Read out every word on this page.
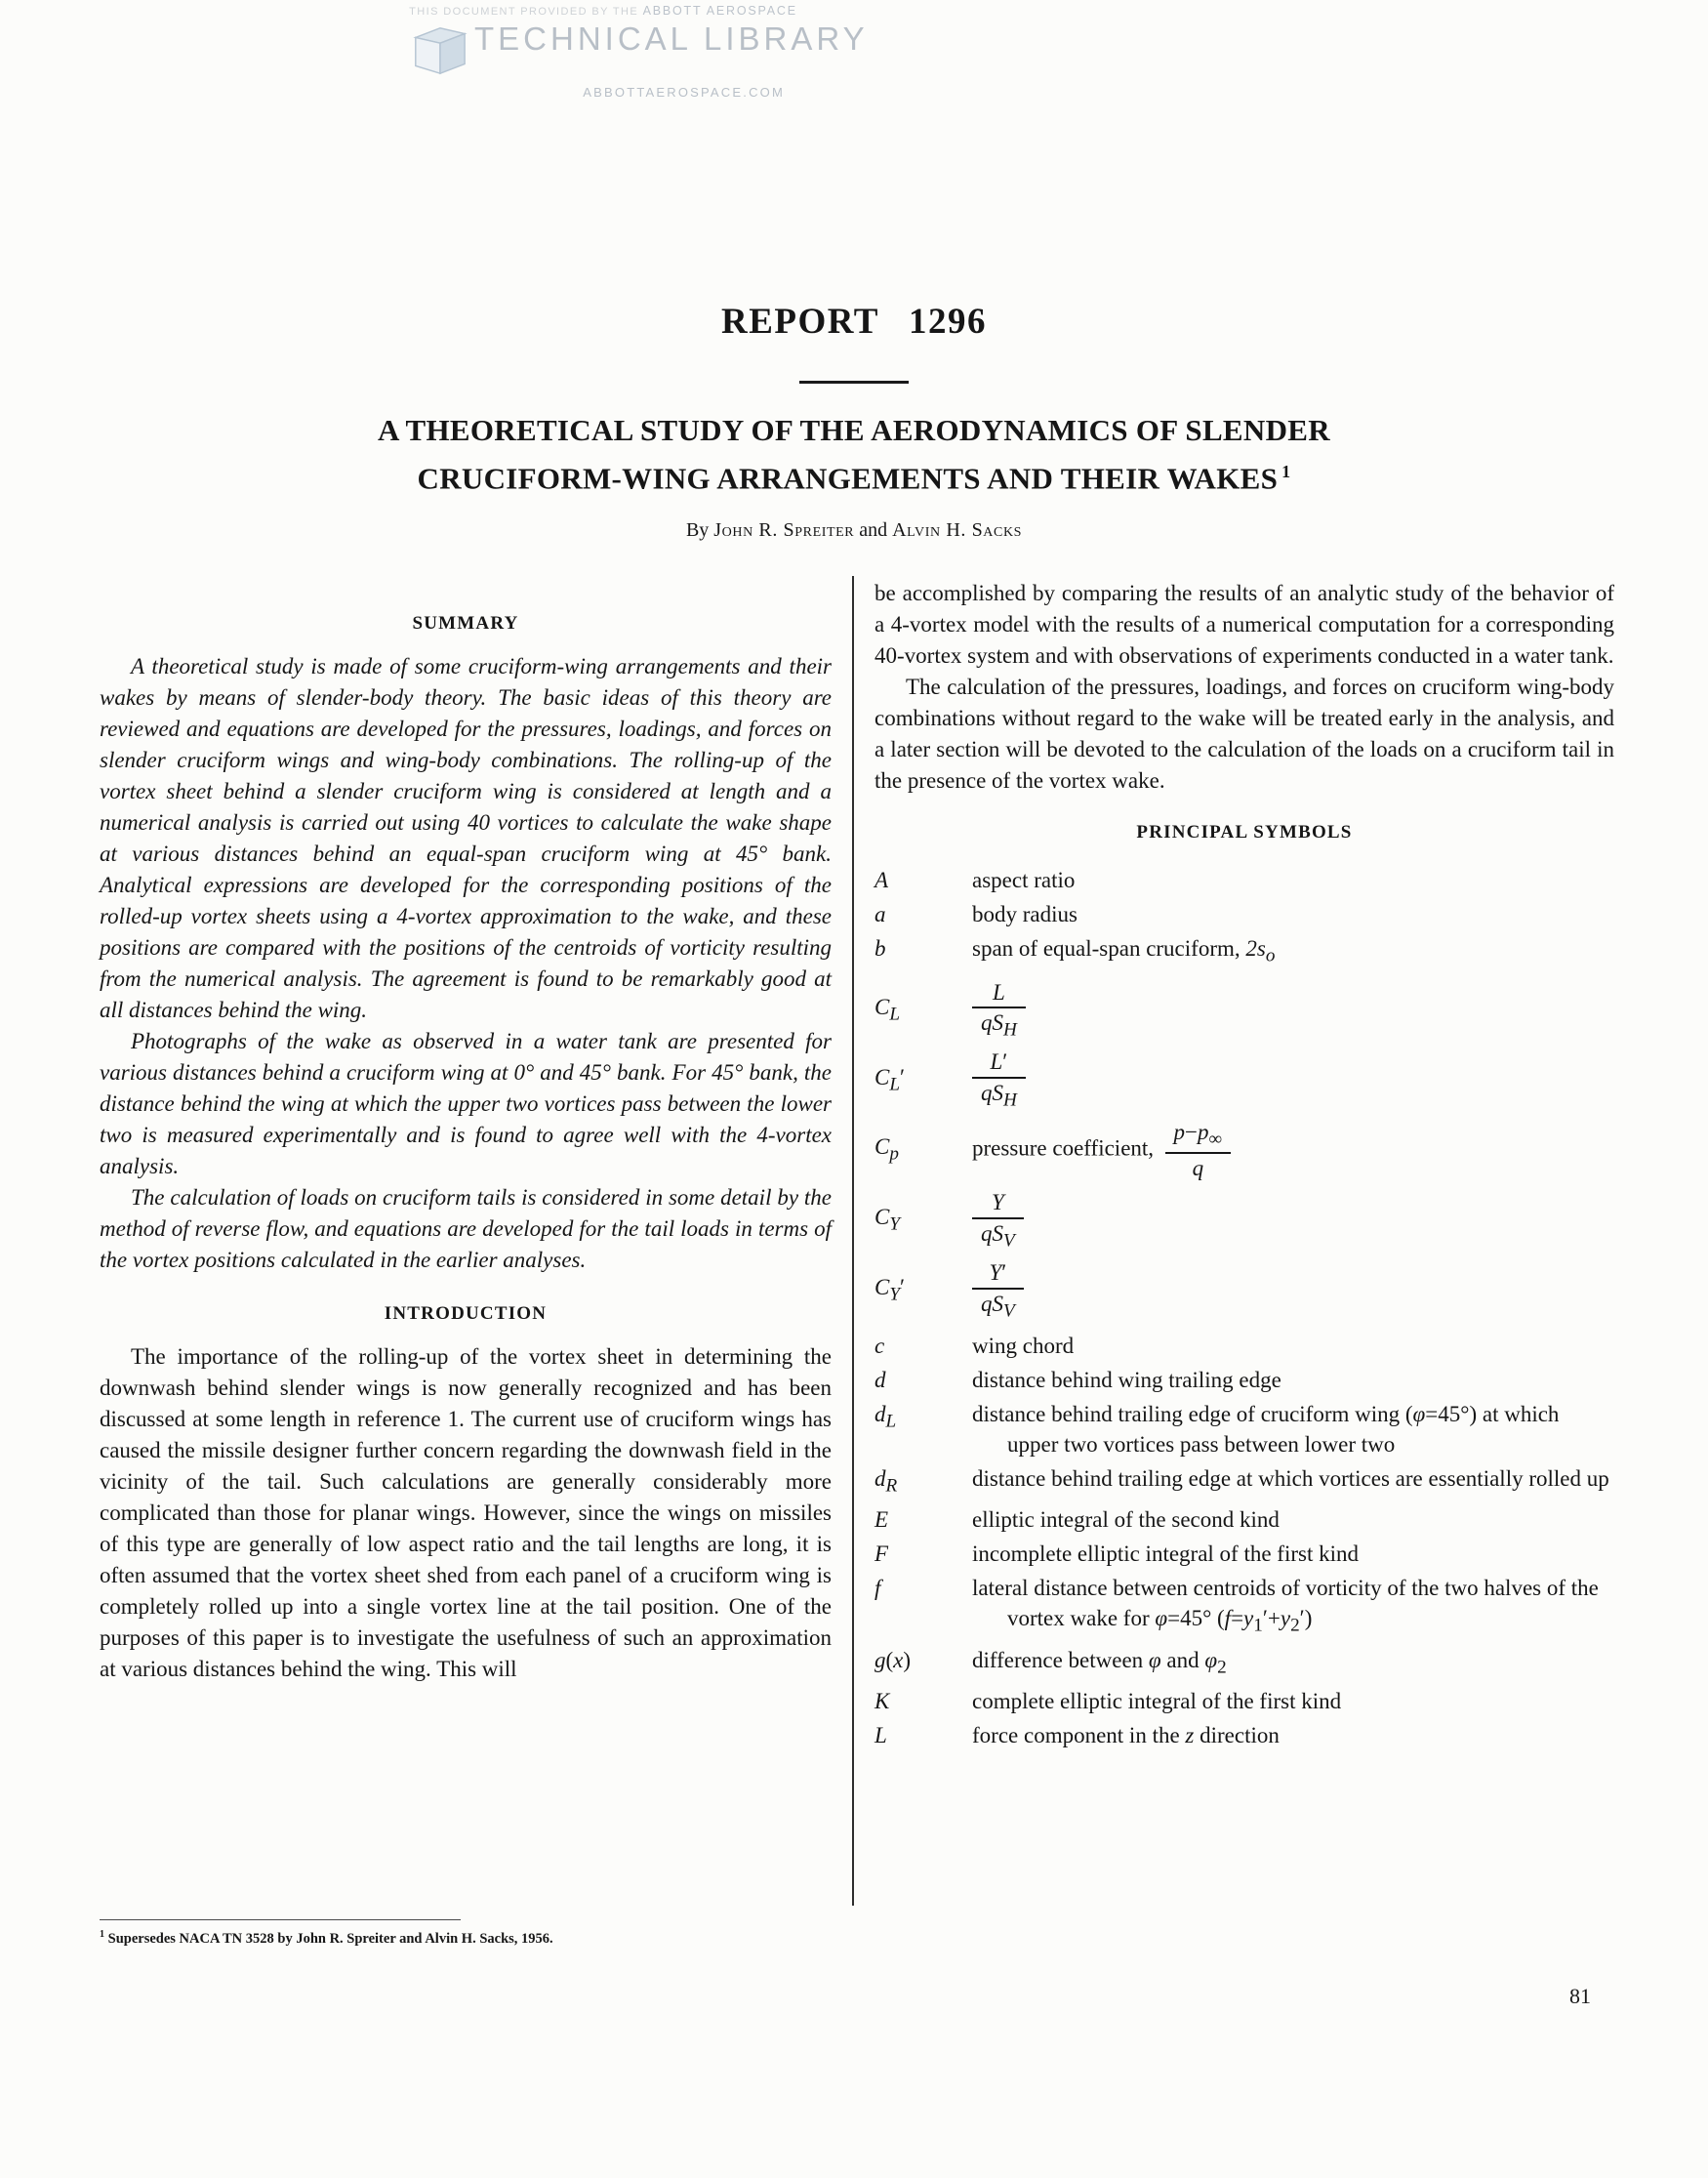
THIS DOCUMENT PROVIDED BY THE ABBOTT AEROSPACE
TECHNICAL LIBRARY
ABBOTTAEROSPACE.COM
REPORT 1296
A THEORETICAL STUDY OF THE AERODYNAMICS OF SLENDER
CRUCIFORM-WING ARRANGEMENTS AND THEIR WAKES $^1$
By John R. Spreiter and Alvin H. Sacks
SUMMARY

A theoretical study is made of some cruciform-wing arrangements and their wakes by means of slender-body theory. The basic ideas of this theory are reviewed and equations are developed for the pressures, loadings, and forces on slender cruciform wings and wing-body combinations. The rolling-up of the vortex sheet behind a slender cruciform wing is considered at length and a numerical analysis is carried out using 40 vortices to calculate the wake shape at various distances behind an equal-span cruciform wing at 45° bank. Analytical expressions are developed for the corresponding positions of the rolled-up vortex sheets using a 4-vortex approximation to the wake, and these positions are compared with the positions of the centroids of vorticity resulting from the numerical analysis. The agreement is found to be remarkably good at all distances behind the wing.

Photographs of the wake as observed in a water tank are presented for various distances behind a cruciform wing at 0° and 45° bank. For 45° bank, the distance behind the wing at which the upper two vortices pass between the lower two is measured experimentally and is found to agree well with the 4-vortex analysis.

The calculation of loads on cruciform tails is considered in some detail by the method of reverse flow, and equations are developed for the tail loads in terms of the vortex positions calculated in the earlier analyses.

INTRODUCTION

The importance of the rolling-up of the vortex sheet in determining the downwash behind slender wings is now generally recognized and has been discussed at some length in reference 1. The current use of cruciform wings has caused the missile designer further concern regarding the downwash field in the vicinity of the tail. Such calculations are generally considerably more complicated than those for planar wings. However, since the wings on missiles of this type are generally of low aspect ratio and the tail lengths are long, it is often assumed that the vortex sheet shed from each panel of a cruciform wing is completely rolled up into a single vortex line at the tail position. One of the purposes of this paper is to investigate the usefulness of such an approximation at various distances behind the wing. This will

be accomplished by comparing the results of an analytic study of the behavior of a 4-vortex model with the results of a numerical computation for a corresponding 40-vortex system and with observations of experiments conducted in a water tank.

The calculation of the pressures, loadings, and forces on cruciform wing-body combinations without regard to the wake will be treated early in the analysis, and a later section will be devoted to the calculation of the loads on a cruciform tail in the presence of the vortex wake.

PRINCIPAL SYMBOLS
A	aspect ratio
a	body radius
b	span of equal-span cruciform, $2s_o$
$C_L$	$\frac{L}{qS_H}$
$C_L'$	$\frac{L'}{qS_H}$
$C_p$	pressure coefficient, $\frac{p-p_\infty}{q}$
$C_Y$	$\frac{Y}{qS_V}$
$C_Y'$	$\frac{Y'}{qS_V}$
c	wing chord
d	distance behind wing trailing edge
$d_L$	distance behind trailing edge of cruciform wing (φ=45°) at which upper two vortices pass between lower two
$d_R$	distance behind trailing edge at which vortices are essentially rolled up
E	elliptic integral of the second kind
F	incomplete elliptic integral of the first kind
f	lateral distance between centroids of vorticity of the two halves of the vortex wake for φ=45° $(f=y_1'+y_2')$
g(x)	difference between φ and $\varphi_2$
K	complete elliptic integral of the first kind
L	force component in the z direction
$^1$ Supersedes NACA TN 3528 by John R. Spreiter and Alvin H. Sacks, 1956.
81
